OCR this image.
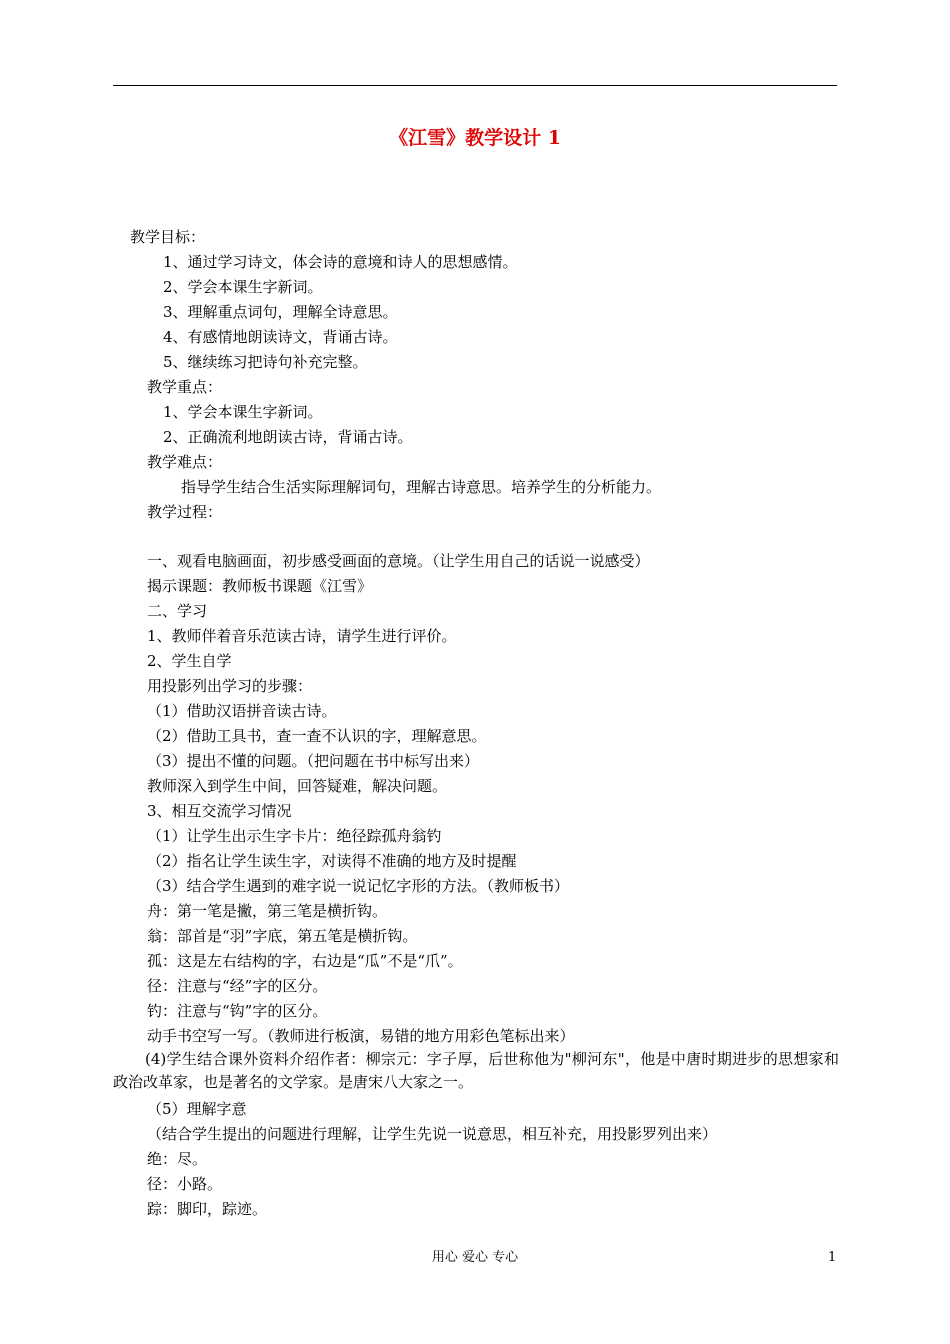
《江雪》教学设计 1
教学目标：
1、通过学习诗文，体会诗的意境和诗人的思想感情。
2、学会本课生字新词。
3、理解重点词句，理解全诗意思。
4、有感情地朗读诗文，背诵古诗。
5、继续练习把诗句补充完整。
教学重点：
1、学会本课生字新词。
2、正确流利地朗读古诗，背诵古诗。
教学难点：
指导学生结合生活实际理解词句，理解古诗意思。培养学生的分析能力。
教学过程：
一、观看电脑画面，初步感受画面的意境。（让学生用自己的话说一说感受）
揭示课题：教师板书课题《江雪》
二、学习
1、教师伴着音乐范读古诗，请学生进行评价。
2、学生自学
用投影列出学习的步骤：
（1）借助汉语拼音读古诗。
（2）借助工具书，查一查不认识的字，理解意思。
（3）提出不懂的问题。（把问题在书中标写出来）
教师深入到学生中间，回答疑难，解决问题。
3、相互交流学习情况
（1）让学生出示生字卡片：绝径踪孤舟翁钓
（2）指名让学生读生字，对读得不准确的地方及时提醒
（3）结合学生遇到的难字说一说记忆字形的方法。（教师板书）
舟：第一笔是撇，第三笔是横折钩。
翁：部首是“羽”字底，第五笔是横折钩。
孤：这是左右结构的字，右边是“瓜”不是“爪”。
径：注意与“经”字的区分。
钓：注意与“钩”字的区分。
动手书空写一写。（教师进行板演，易错的地方用彩色笔标出来）
(4)学生结合课外资料介绍作者：柳宗元：字子厚，后世称他为"柳河东"，他是中唐时期进步的思想家和政治改革家，也是著名的文学家。是唐宋八大家之一。
（5）理解字意
（结合学生提出的问题进行理解，让学生先说一说意思，相互补充，用投影罗列出来）
绝：尽。
径：小路。
踪：脚印，踪迹。
用心 爱心 专心	1
